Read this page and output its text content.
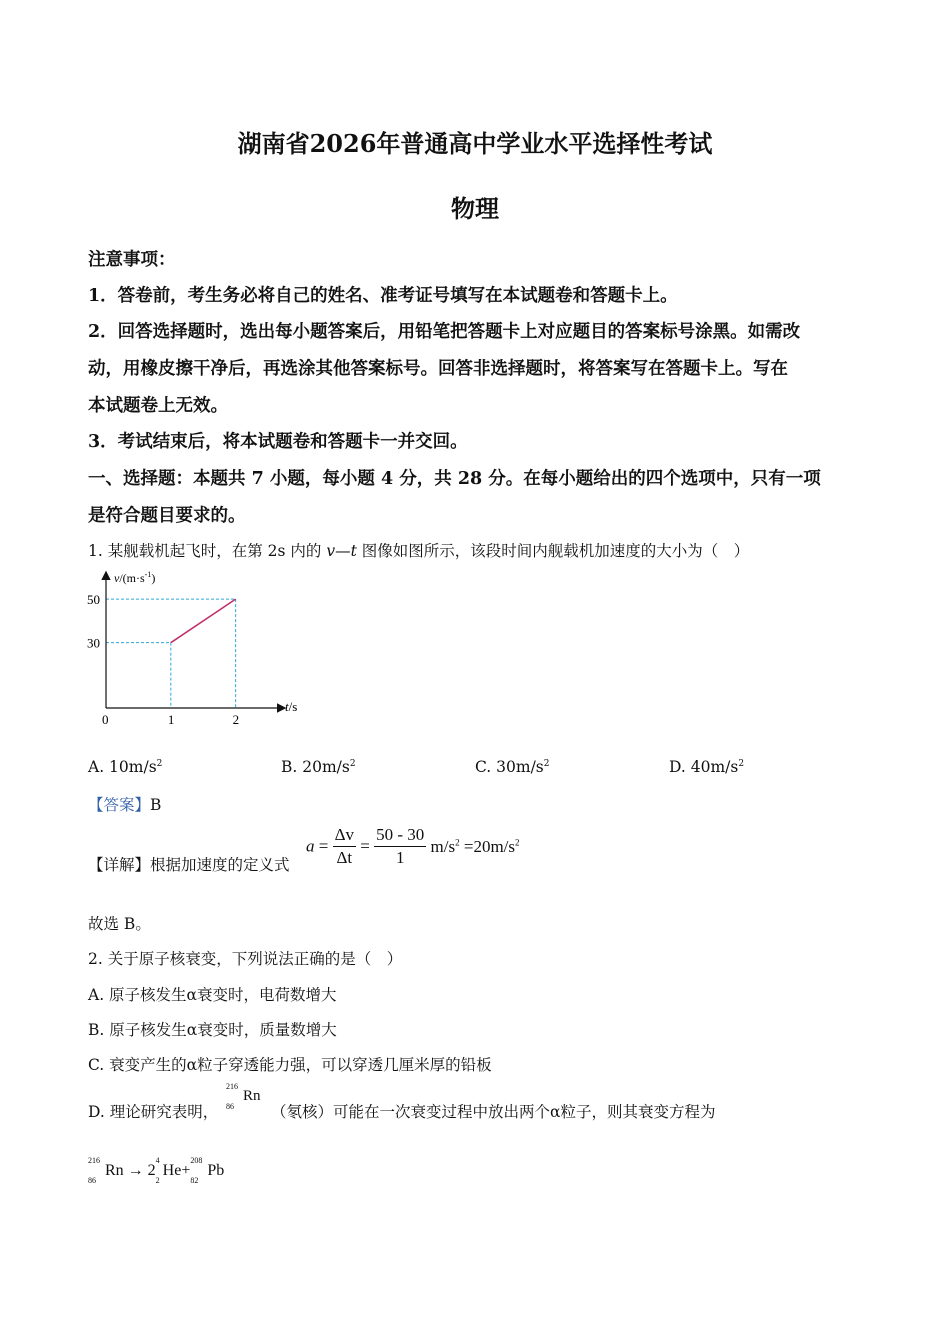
湖南省2026年普通高中学业水平选择性考试
物理
注意事项：
1．答卷前，考生务必将自己的姓名、准考证号填写在本试题卷和答题卡上。
2．回答选择题时，选出每小题答案后，用铅笔把答题卡上对应题目的答案标号涂黑。如需改
动，用橡皮擦干净后，再选涂其他答案标号。回答非选择题时，将答案写在答题卡上。写在
本试题卷上无效。
3．考试结束后，将本试题卷和答题卡一并交回。
一、选择题：本题共 7 小题，每小题 4 分，共 28 分。在每小题给出的四个选项中，只有一项
是符合题目要求的。
1. 某舰载机起飞时，在第 2s 内的 v—t 图像如图所示，该段时间内舰载机加速度的大小为（　）
1	2
30
50
$v/(m\cdot s^{-1})$
t/s
0
A. $10m/s^2$	B. $20m/s^2$	C. $30m/s^2$	D. $40m/s^2$
【答案】B
【详解】根据加速度的定义式
$a = \frac{\Delta v}{\Delta t} = \frac{50 - 30}{1} m/s^2 =20m/s^2$
故选 B。
2. 关于原子核衰变，下列说法正确的是（　）
A. 原子核发生α衰变时，电荷数增大
B. 原子核发生α衰变时，质量数增大
C. 衰变产生的α粒子穿透能力强，可以穿透几厘米厚的铅板
D. 理论研究表明，
216
86
Rn
（氡核）可能在一次衰变过程中放出两个α粒子，则其衰变方程为
216
86
Rn → 2
4
2
He+
208
82
Pb
